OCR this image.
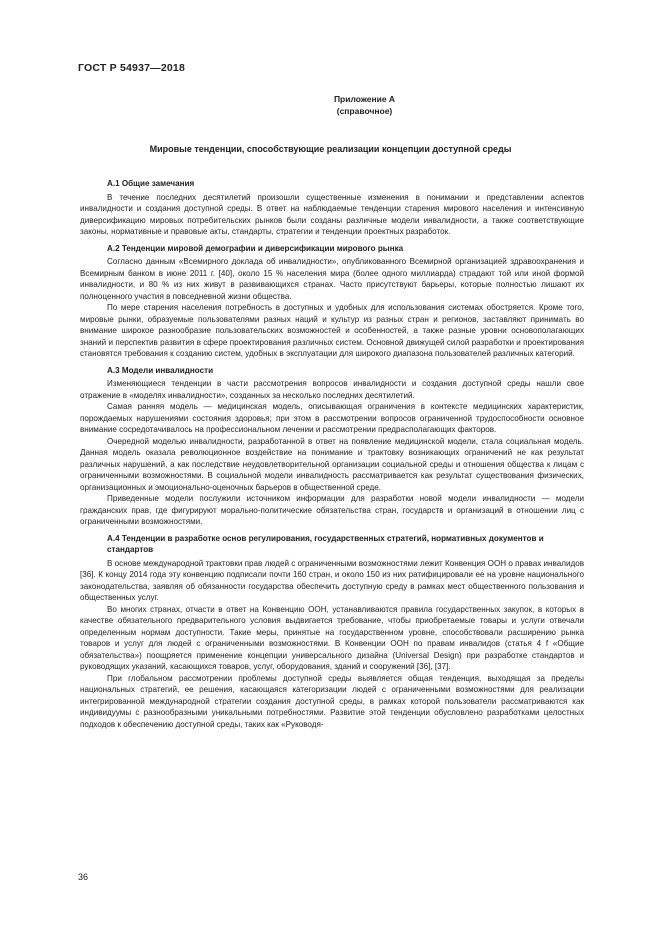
ГОСТ Р 54937—2018
Приложение А
(справочное)
Мировые тенденции, способствующие реализации концепции доступной среды
А.1 Общие замечания

В течение последних десятилетий произошли существенные изменения в понимании и представлении аспектов инвалидности и создания доступной среды. В ответ на наблюдаемые тенденции старения мирового населения и интенсивную диверсификацию мировых потребительских рынков были созданы различные модели инвалидности, а также соответствующие законы, нормативные и правовые акты, стандарты, стратегии и тенденции проектных разработок.

А.2 Тенденции мировой демографии и диверсификации мирового рынка

Согласно данным «Всемирного доклада об инвалидности», опубликованного Всемирной организацией здравоохранения и Всемирным банком в июне 2011 г. [40], около 15 % населения мира (более одного миллиарда) страдают той или иной формой инвалидности, и 80 % из них живут в развивающихся странах. Часто присутствуют барьеры, которые полностью лишают их полноценного участия в повседневной жизни общества.

По мере старения населения потребность в доступных и удобных для использования системах обостряется. Кроме того, мировые рынки, образуемые пользователями разных наций и культур из разных стран и регионов, заставляют принимать во внимание широкое разнообразие пользовательских возможностей и особенностей, а также разные уровни основополагающих знаний и перспектив развития в сфере проектирования различных систем. Основной движущей силой разработки и проектирования становятся требования к созданию систем, удобных в эксплуатации для широкого диапазона пользователей различных категорий.

А.3 Модели инвалидности

Изменяющиеся тенденции в части рассмотрения вопросов инвалидности и создания доступной среды нашли свое отражение в «моделях инвалидности», созданных за несколько последних десятилетий.

Самая ранняя модель — медицинская модель, описывающая ограничения в контексте медицинских характеристик, порождаемых нарушениями состояния здоровья; при этом в рассмотрении вопросов ограниченной трудоспособности основное внимание сосредотачивалось на профессиональном лечении и рассмотрении предрасполагающих факторов.

Очередной моделью инвалидности, разработанной в ответ на появление медицинской модели, стала социальная модель. Данная модель оказала революционное воздействие на понимание и трактовку возникающих ограничений не как результат различных нарушений, а как последствие неудовлетворительной организации социальной среды и отношения общества к лицам с ограниченными возможностями. В социальной модели инвалидность рассматривается как результат существования физических, организационных и эмоционально-оценочных барьеров в общественной среде.

Приведенные модели послужили источником информации для разработки новой модели инвалидности — модели гражданских прав, где фигурируют морально-политические обязательства стран, государств и организаций в отношении лиц с ограниченными возможностями.

А.4 Тенденции в разработке основ регулирования, государственных стратегий, нормативных документов и стандартов

В основе международной трактовки прав людей с ограниченными возможностями лежит Конвенция ООН о правах инвалидов [36]. К концу 2014 года эту конвенцию подписали почти 160 стран, и около 150 из них ратифицировали ее на уровне национального законодательства, заявляя об обязанности государства обеспечить доступную среду в рамках мест общественного пользования и общественных услуг.

Во многих странах, отчасти в ответ на Конвенцию ООН, устанавливаются правила государственных закупок, в которых в качестве обязательного предварительного условия выдвигается требование, чтобы приобретаемые товары и услуги отвечали определенным нормам доступности. Такие меры, принятые на государственном уровне, способствовали расширению рынка товаров и услуг для людей с ограниченными возможностями. В Конвенции ООН по правам инвалидов (статья 4 f «Общие обязательства») поощряется применение концепции универсального дизайна (Universal Design) при разработке стандартов и руководящих указаний, касающихся товаров, услуг, оборудования, зданий и сооружений [36], [37].

При глобальном рассмотрении проблемы доступной среды выявляется общая тенденция, выходящая за пределы национальных стратегий, ее решения, касающаяся категоризации людей с ограниченными возможностями для реализации интегрированной международной стратегии создания доступной среды, в рамках которой пользователи рассматриваются как индивидуумы с разнообразными уникальными потребностями. Развитие этой тенденции обусловлено разработками целостных подходов к обеспечению доступной среды, таких как «Руководя-

36
